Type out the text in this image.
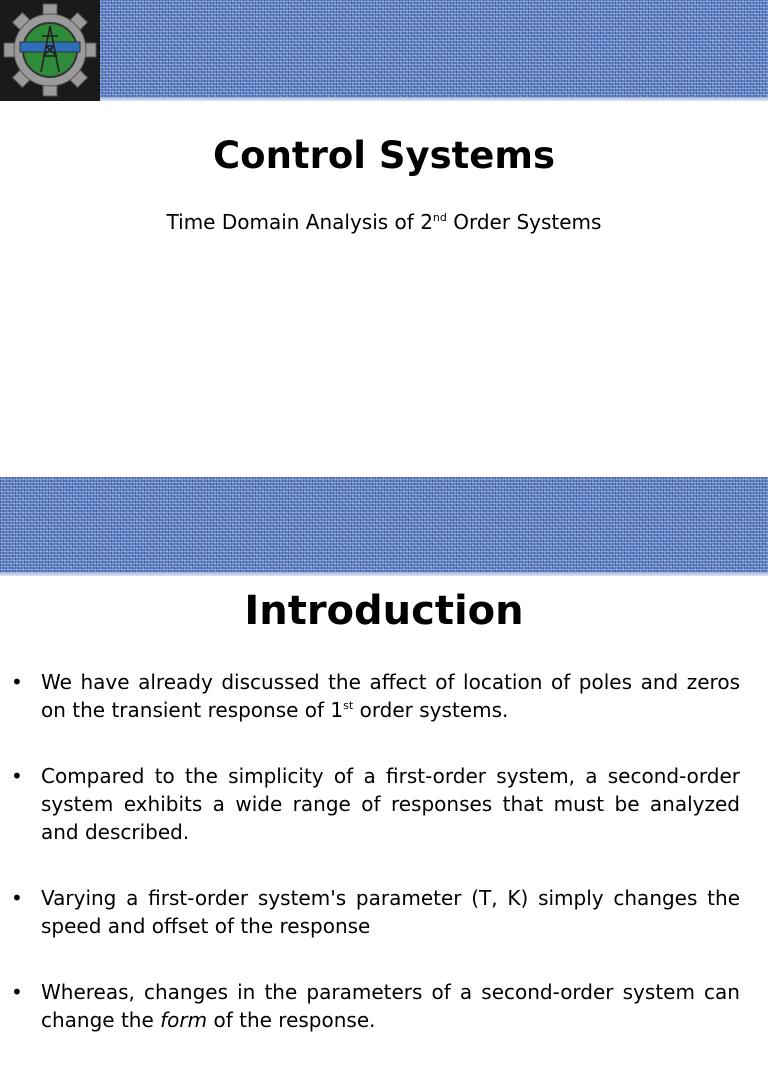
Control Systems
Time Domain Analysis of 2nd Order Systems
Introduction
• We have already discussed the affect of location of poles and zeros on the transient response of 1st order systems.
• Compared to the simplicity of a first-order system, a second-order system exhibits a wide range of responses that must be analyzed and described.
• Varying a first-order system's parameter (T, K) simply changes the speed and offset of the response
• Whereas, changes in the parameters of a second-order system can change the form of the response.
